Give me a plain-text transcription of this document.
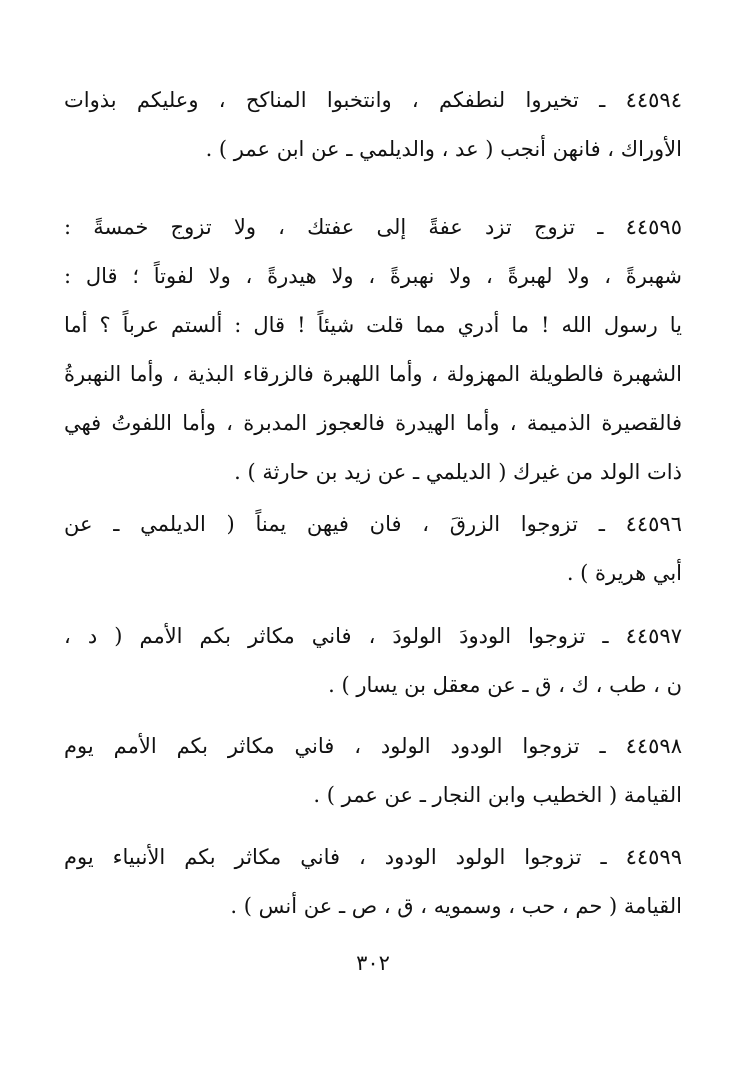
٤٤٥٩٤ ـ تخيروا لنطفكم ، وانتخبوا المناكح ، وعليكم بذوات
الأوراك ، فانهن أنجب ( عد ، والديلمي ـ عن ابن عمر ) .
٤٤٥٩٥ ـ تزوج تزد عفةً إلى عفتك ، ولا تزوج خمسةً :
شهبرةً ، ولا لهبرةً ، ولا نهبرةً ، ولا هيدرةً ، ولا لفوتاً ؛ قال :
يا رسول الله ! ما أدري مما قلت شيئاً ! قال : ألستم عرباً ؟ أما
الشهبرة فالطويلة المهزولة ، وأما اللهبرة فالزرقاء البذية ، وأما النهبرةُ
فالقصيرة الذميمة ، وأما الهيدرة فالعجوز المدبرة ، وأما اللفوتُ فهي
ذات الولد من غيرك ( الديلمي ـ عن زيد بن حارثة ) .
٤٤٥٩٦ ـ تزوجوا الزرقَ ، فان فيهن يمناً ( الديلمي ـ عن
أبي هريرة ) .
٤٤٥٩٧ ـ تزوجوا الودودَ الولودَ ، فاني مكاثر بكم الأمم ( د ،
ن ، طب ، ك ، ق ـ عن معقل بن يسار ) .
٤٤٥٩٨ ـ تزوجوا الودود الولود ، فاني مكاثر بكم الأمم يوم
القيامة ( الخطيب وابن النجار ـ عن عمر ) .
٤٤٥٩٩ ـ تزوجوا الولود الودود ، فاني مكاثر بكم الأنبياء يوم
القيامة ( حم ، حب ، وسمويه ، ق ، ص ـ عن أنس ) .
٣٠٢
